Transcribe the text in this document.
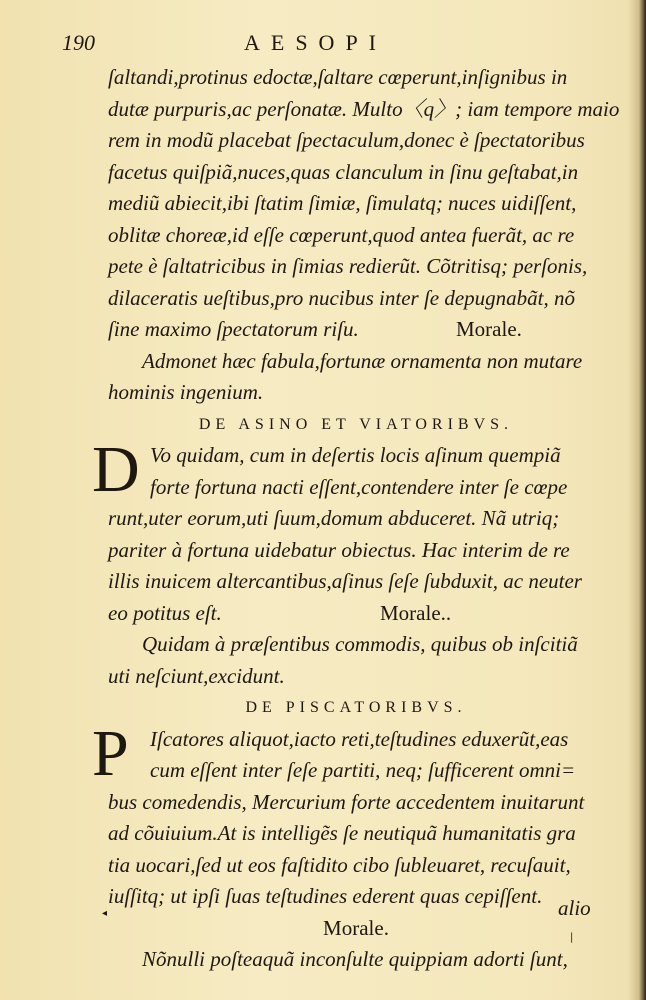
190	AESOPI
ſaltandi,protinus edoctæ,ſaltare cœperunt,inſignibus in
dutæ purpuris,ac perſonatæ. Multo〈q〉; iam tempore maio
rem in modũ placebat ſpectaculum,donec è ſpectatoribus
facetus quiſpiã,nuces,quas clanculum in ſinu geſtabat,in
mediũ abiecit,ibi ſtatim ſimiæ, ſimulatq; nuces uidiſſent,
oblitæ choreæ,id eſſe cœperunt,quod antea fuerãt, ac re
pete è ſaltatricibus in ſimias redierũt. Cõtritisq; perſonis,
dilaceratis ueſtibus,pro nucibus inter ſe depugnabãt, nõ
ſine maximo ſpectatorum riſu.	Morale.
Admonet hæc fabula,fortunæ ornamenta non mutare
hominis ingenium.
DE ASINO ET VIATORIBVS.
D Vo quidam, cum in deſertis locis aſinum quempiã
forte fortuna nacti eſſent,contendere inter ſe cœpe
runt,uter eorum,uti ſuum,domum abduceret. Nã utriq;
pariter à fortuna uidebatur obiectus. Hac interim de re
illis inuicem altercantibus,aſinus ſeſe ſubduxit, ac neuter
eo potitus eſt.	Morale..
Quidam à præſentibus commodis, quibus ob inſcitiã
uti neſciunt,excidunt.
DE PISCATORIBVS.
P	Iſcatores aliquot,iacto reti,teſtudines eduxerũt,eas
cum eſſent inter ſeſe partiti, neq; ſufficerent omni=
bus comedendis, Mercurium forte accedentem inuitarunt
ad cõuiuium.At is intelligẽs ſe neutiquã humanitatis gra
tia uocari,ſed ut eos faſtidito cibo ſubleuaret, recuſauit,
iuſſitq; ut ipſi ſuas teſtudines ederent quas cepiſſent.
Morale.
Nõnulli poſteaquã inconſulte quippiam adorti ſunt,
alio
◂
|
